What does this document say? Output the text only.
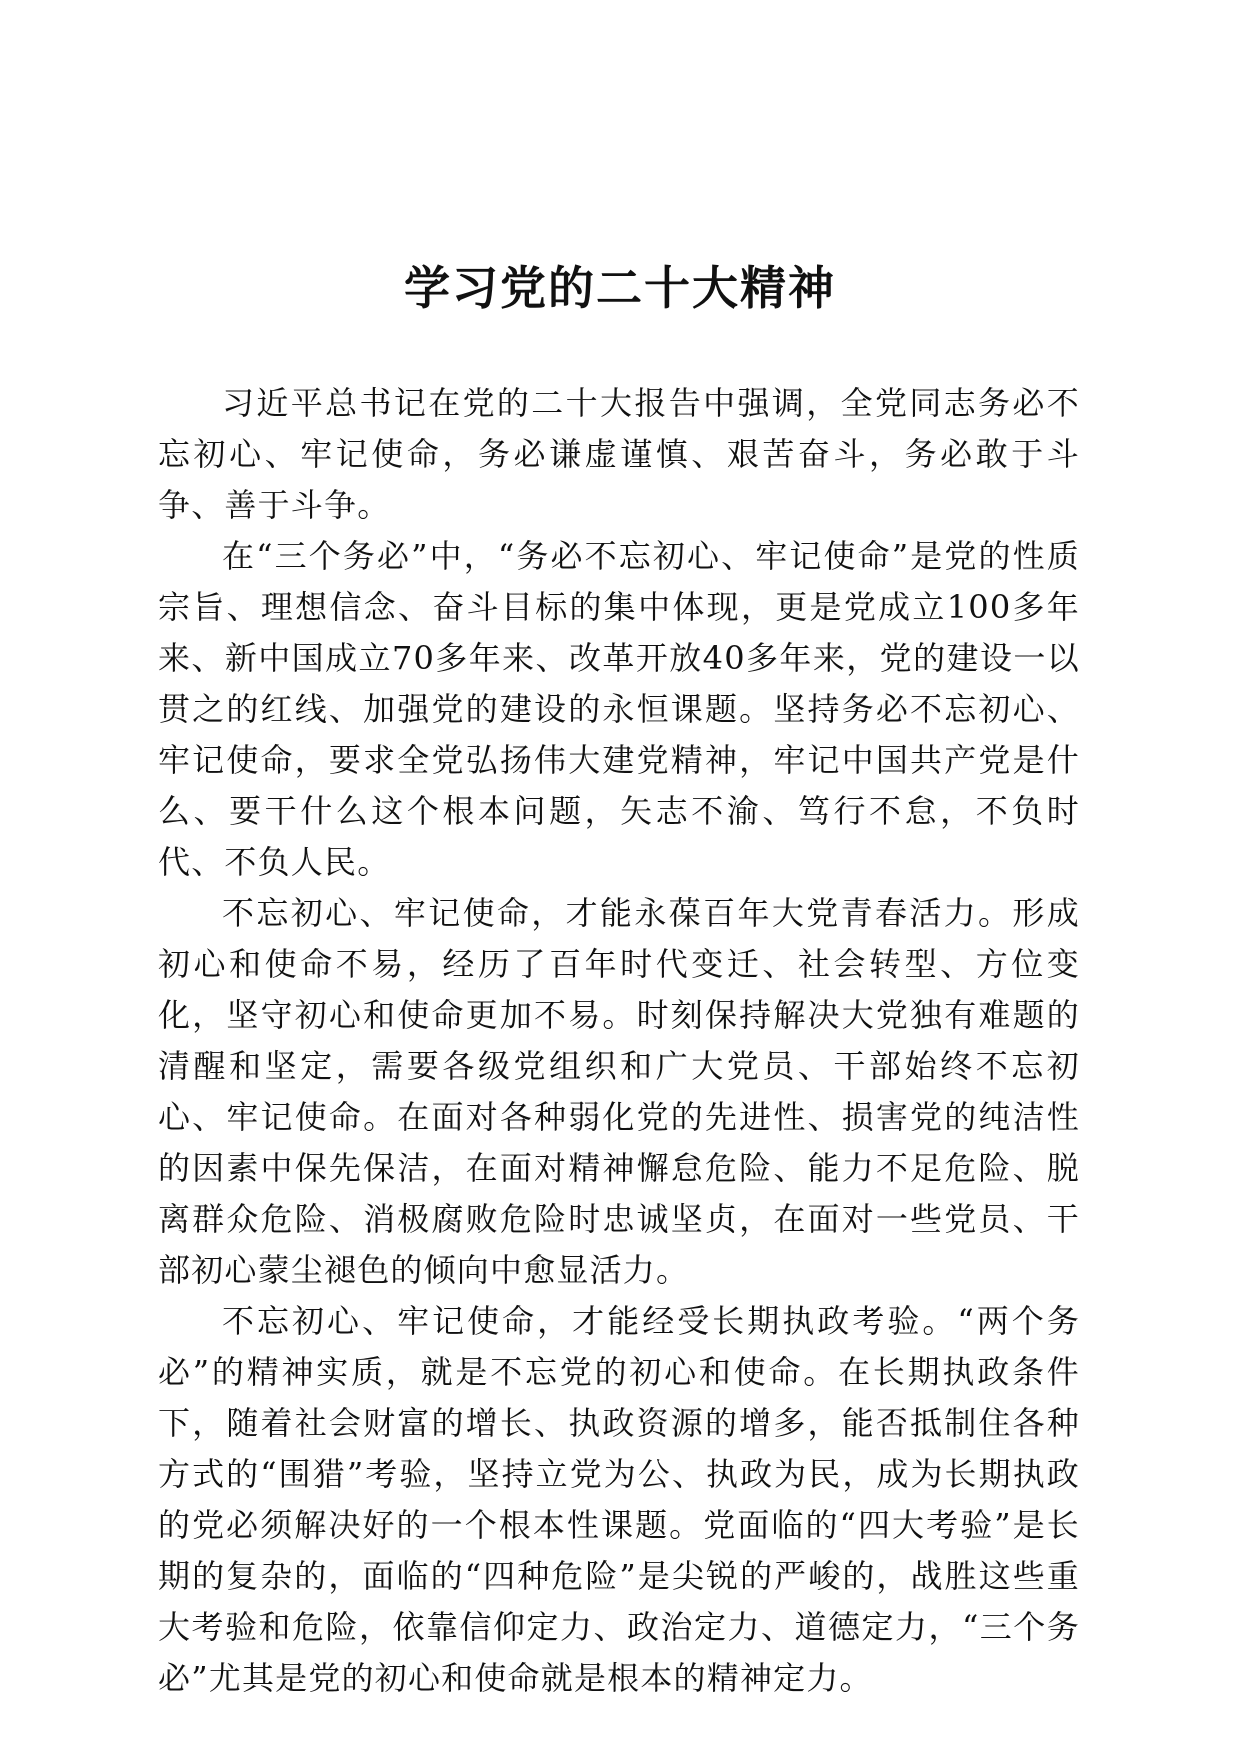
学习党的二十大精神

习近平总书记在党的二十大报告中强调，全党同志务必不忘初心、牢记使命，务必谦虚谨慎、艰苦奋斗，务必敢于斗争、善于斗争。

在“三个务必”中，“务必不忘初心、牢记使命”是党的性质宗旨、理想信念、奋斗目标的集中体现，更是党成立100多年来、新中国成立70多年来、改革开放40多年来，党的建设一以贯之的红线、加强党的建设的永恒课题。坚持务必不忘初心、牢记使命，要求全党弘扬伟大建党精神，牢记中国共产党是什么、要干什么这个根本问题，矢志不渝、笃行不怠，不负时代、不负人民。

不忘初心、牢记使命，才能永葆百年大党青春活力。形成初心和使命不易，经历了百年时代变迁、社会转型、方位变化，坚守初心和使命更加不易。时刻保持解决大党独有难题的清醒和坚定，需要各级党组织和广大党员、干部始终不忘初心、牢记使命。在面对各种弱化党的先进性、损害党的纯洁性的因素中保先保洁，在面对精神懈怠危险、能力不足危险、脱离群众危险、消极腐败危险时忠诚坚贞，在面对一些党员、干部初心蒙尘褪色的倾向中愈显活力。

不忘初心、牢记使命，才能经受长期执政考验。“两个务必”的精神实质，就是不忘党的初心和使命。在长期执政条件下，随着社会财富的增长、执政资源的增多，能否抵制住各种方式的“围猎”考验，坚持立党为公、执政为民，成为长期执政的党必须解决好的一个根本性课题。党面临的“四大考验”是长期的复杂的，面临的“四种危险”是尖锐的严峻的，战胜这些重大考验和危险，依靠信仰定力、政治定力、道德定力，“三个务必”尤其是党的初心和使命就是根本的精神定力。
